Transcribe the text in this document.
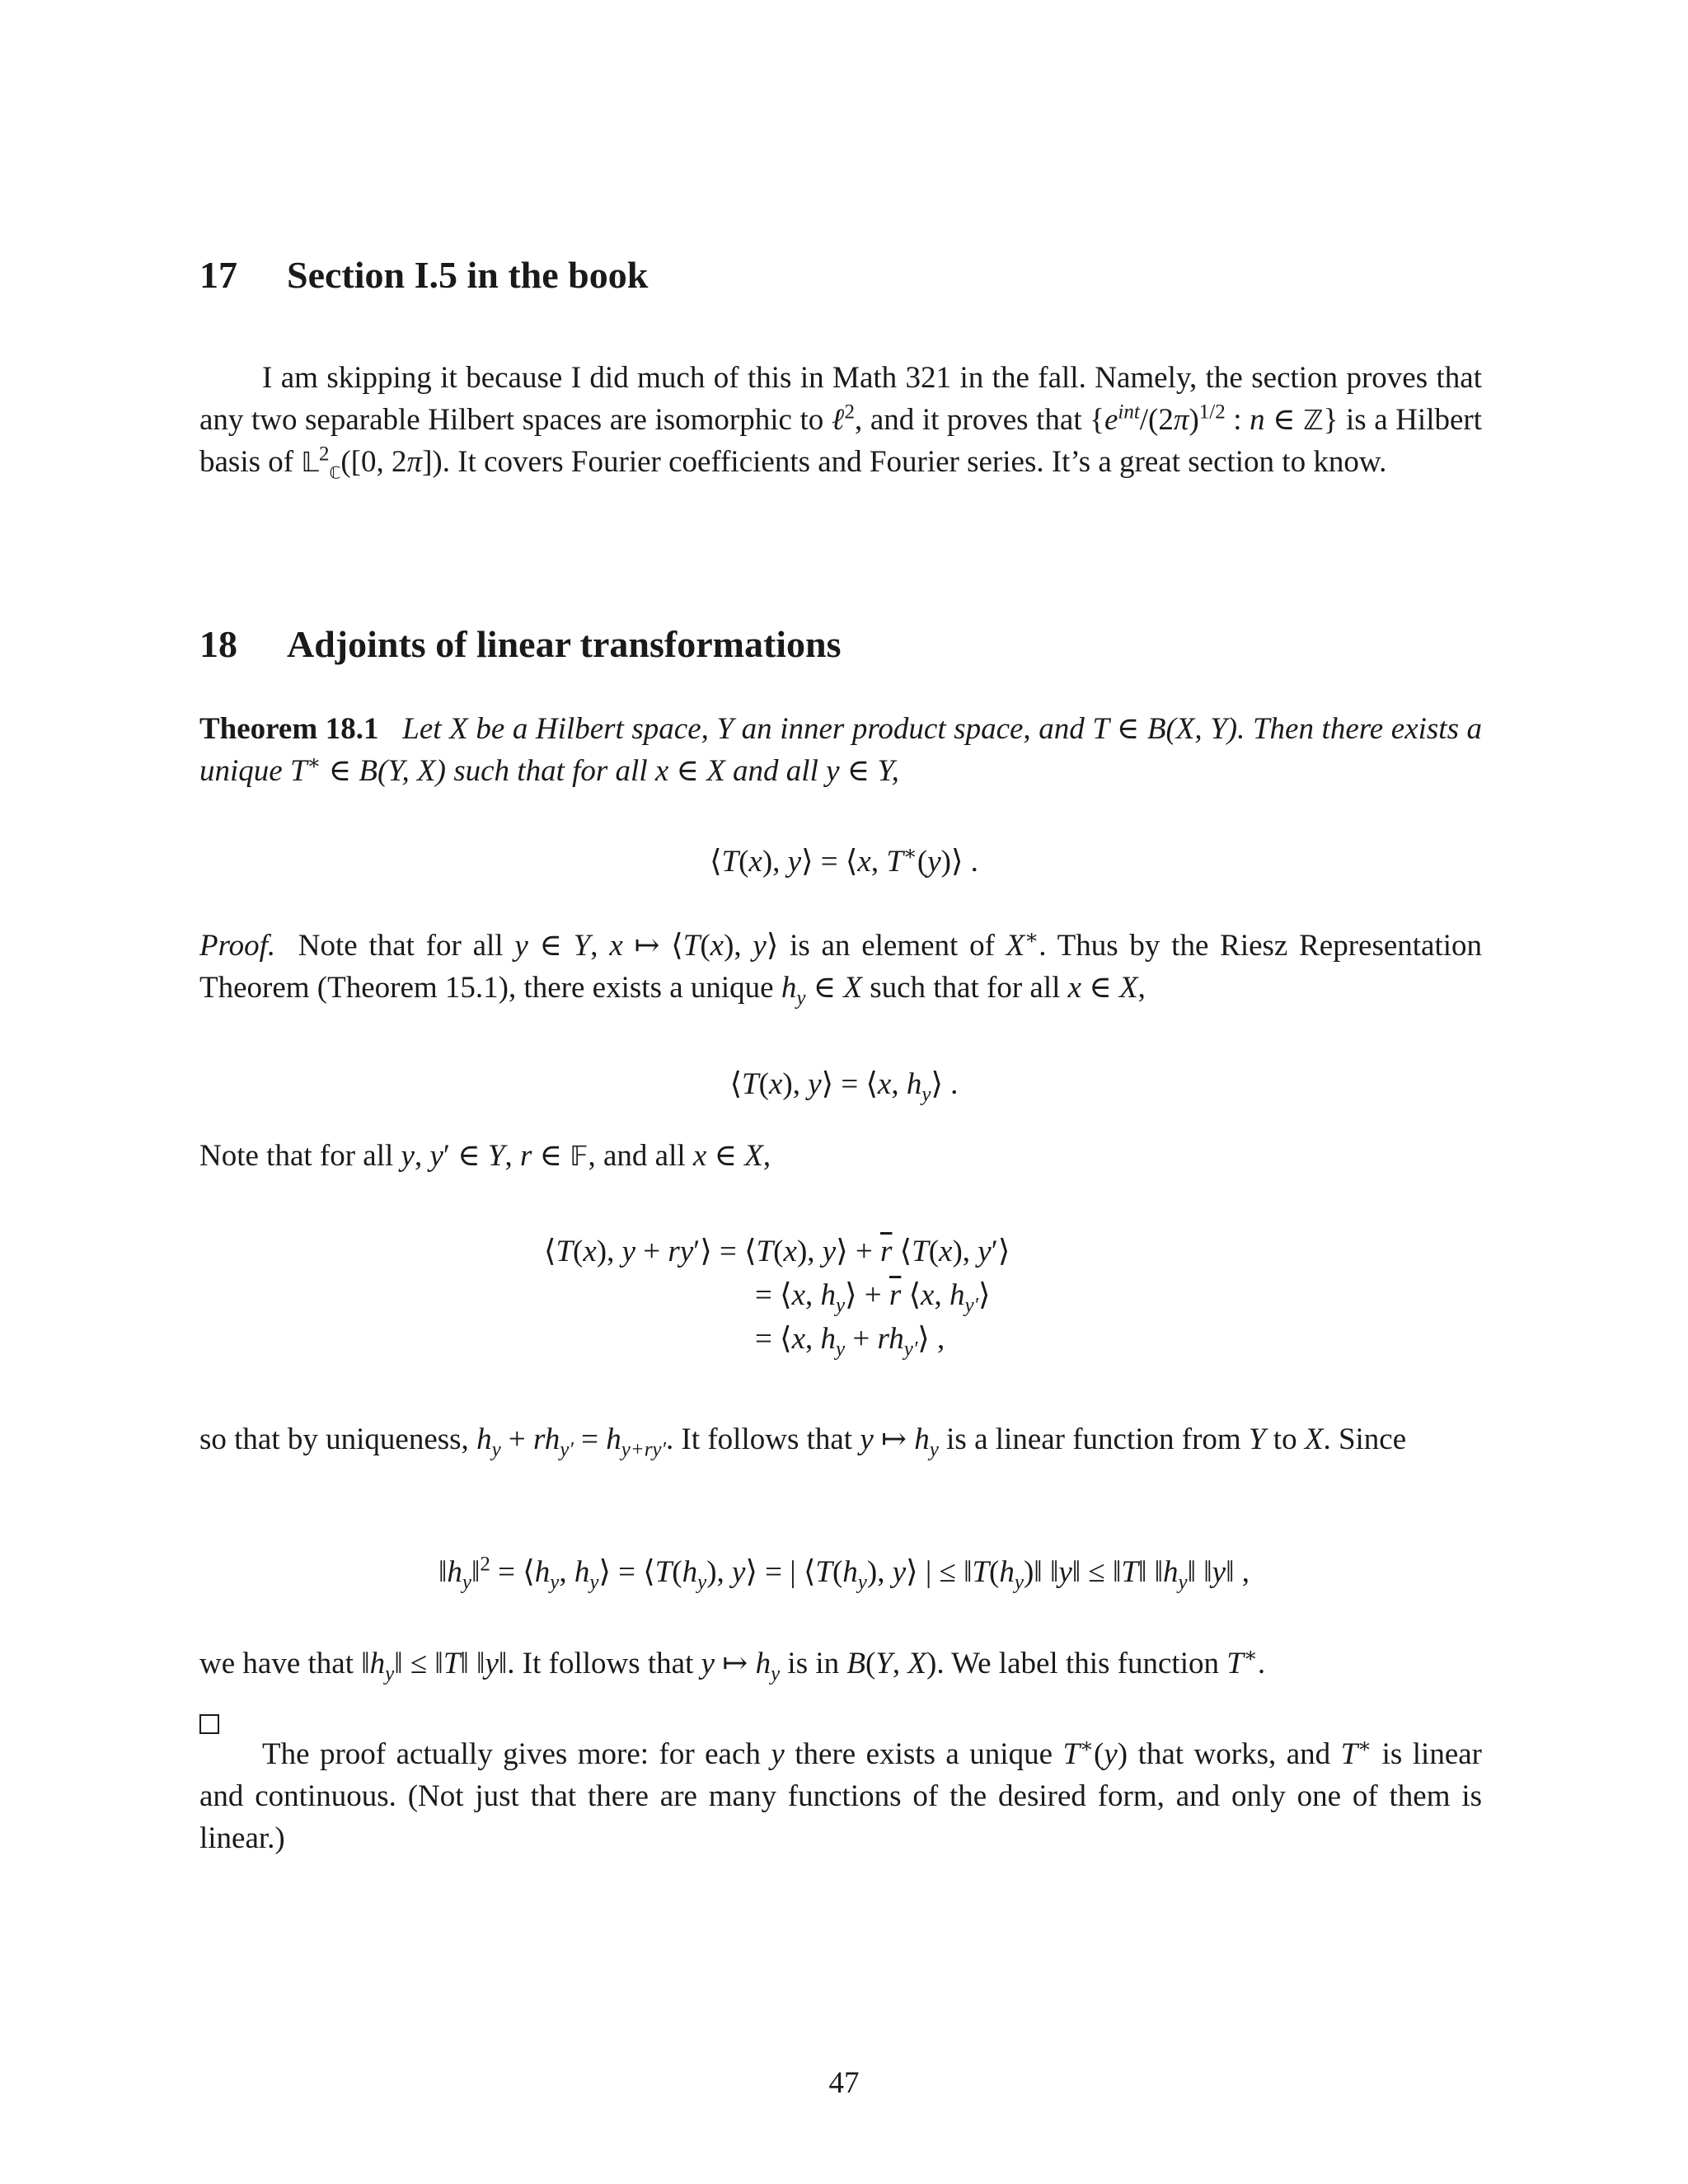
17 Section I.5 in the book
I am skipping it because I did much of this in Math 321 in the fall. Namely, the section proves that any two separable Hilbert spaces are isomorphic to ℓ$^2$, and it proves that {$e^{int}/(2\pi)^{1/2}$ : n ∈ ℤ} is a Hilbert basis of 𝕃$^2_ℂ$([0, 2π]). It covers Fourier coefficients and Fourier series. It’s a great section to know.
18 Adjoints of linear transformations
Theorem 18.1 Let X be a Hilbert space, Y an inner product space, and T ∈ B(X, Y). Then there exists a unique T∗ ∈ B(Y, X) such that for all x ∈ X and all y ∈ Y,
⟨T(x), y⟩ = ⟨x, T∗(y)⟩ .
Proof. Note that for all y ∈ Y, x ↦ ⟨T(x), y⟩ is an element of X∗. Thus by the Riesz Representation Theorem (Theorem 15.1), there exists a unique $h_y$ ∈ X such that for all x ∈ X,
⟨T(x), y⟩ = ⟨x, $h_y⟩$ .
Note that for all y, y′ ∈ Y, r ∈ 𝔽, and all x ∈ X,
⟨T(x), y + ry′⟩ = ⟨T(x), y⟩ + $\overline{r}$ ⟨T(x), y′⟩
= ⟨x, $h_y⟩ + \overline{r}$ ⟨x, $h_{y'}⟩$
= ⟨x, $h_y$ + $rh_{y'}⟩$ ,
so that by uniqueness, $h_y + rh_{y'} = h_{y+ry'}$. It follows that y ↦ $h_y$ is a linear function from Y to X. Since
$‖h_y‖^2$ = $⟨h_y$, $h_y⟩$ = $⟨T(h_y)$, y⟩ = | $⟨T(h_y)$, y⟩ | ≤ $‖T(h_y)‖$ ‖y‖ ≤ ‖T‖ $‖h_y‖$ ‖y‖ ,
we have that $‖h_y‖$ ≤ ‖T‖ ‖y‖. It follows that y ↦ $h_y$ is in B(Y, X). We label this function T∗.
The proof actually gives more: for each y there exists a unique T∗(y) that works, and T∗ is linear and continuous. (Not just that there are many functions of the desired form, and only one of them is linear.)
47
